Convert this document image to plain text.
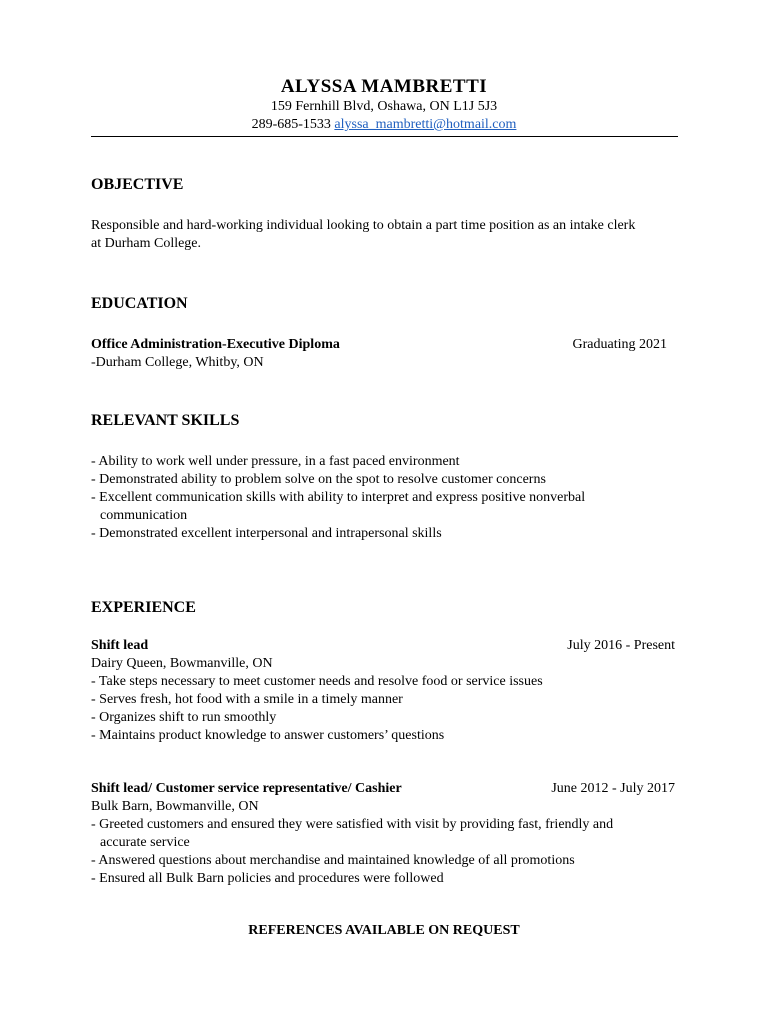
ALYSSA MAMBRETTI
159 Fernhill Blvd, Oshawa, ON L1J 5J3
289-685-1533 alyssa_mambretti@hotmail.com
OBJECTIVE
Responsible and hard-working individual looking to obtain a part time position as an intake clerk
at Durham College.
EDUCATION
Office Administration-Executive Diploma	Graduating 2021
-Durham College, Whitby, ON
RELEVANT SKILLS
- Ability to work well under pressure, in a fast paced environment
- Demonstrated ability to problem solve on the spot to resolve customer concerns
- Excellent communication skills with ability to interpret and express positive nonverbal
communication
- Demonstrated excellent interpersonal and intrapersonal skills
EXPERIENCE
Shift lead	July 2016 - Present
Dairy Queen, Bowmanville, ON
- Take steps necessary to meet customer needs and resolve food or service issues
- Serves fresh, hot food with a smile in a timely manner
- Organizes shift to run smoothly
- Maintains product knowledge to answer customers’ questions
Shift lead/ Customer service representative/ Cashier	June 2012 - July 2017
Bulk Barn, Bowmanville, ON
- Greeted customers and ensured they were satisfied with visit by providing fast, friendly and
accurate service
- Answered questions about merchandise and maintained knowledge of all promotions
- Ensured all Bulk Barn policies and procedures were followed
REFERENCES AVAILABLE ON REQUEST
